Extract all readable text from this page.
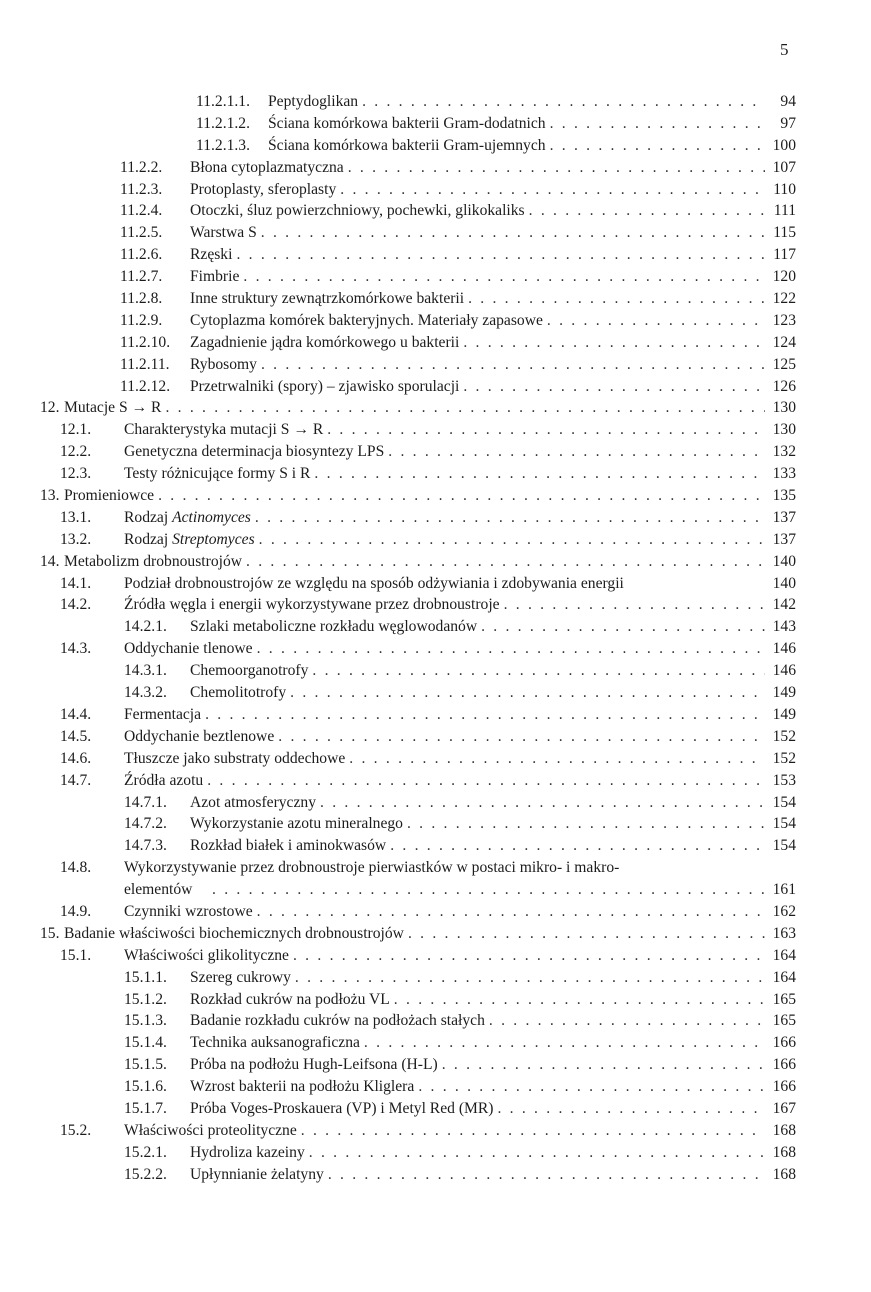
5
11.2.1.1. Peptydoglikan . . .	94
11.2.1.2. Ściana komórkowa bakterii Gram-dodatnich . . .	97
11.2.1.3. Ściana komórkowa bakterii Gram-ujemnych . . .	100
11.2.2. Błona cytoplazmatyczna . . .	107
11.2.3. Protoplasty, sferoplasty . . .	110
11.2.4. Otoczki, śluz powierzchniowy, pochewki, glikokaliks . . .	111
11.2.5. Warstwa S . . .	115
11.2.6. Rzęski . . .	117
11.2.7. Fimbrie . . .	120
11.2.8. Inne struktury zewnątrzkomórkowe bakterii . . .	122
11.2.9. Cytoplazma komórek bakteryjnych. Materiały zapasowe . . .	123
11.2.10. Zagadnienie jądra komórkowego u bakterii . . .	124
11.2.11. Rybosomy . . .	125
11.2.12. Przetrwalniki (spory) – zjawisko sporulacji . . .	126
12. Mutacje S → R . . .	130
12.1. Charakterystyka mutacji S → R . . .	130
12.2. Genetyczna determinacja biosyntezy LPS . . .	132
12.3. Testy różnicujące formy S i R . . .	133
13. Promieniowce . . .	135
13.1. Rodzaj Actinomyces . . .	137
13.2. Rodzaj Streptomyces . . .	137
14. Metabolizm drobnoustrojów . . .	140
14.1. Podział drobnoustrojów ze względu na sposób odżywiania i zdobywania energii	140
14.2. Źródła węgla i energii wykorzystywane przez drobnoustroje . . .	142
14.2.1. Szlaki metaboliczne rozkładu węglowodanów . . .	143
14.3. Oddychanie tlenowe . . .	146
14.3.1. Chemoorganotrofy . . .	146
14.3.2. Chemolitotrofy . . .	149
14.4. Fermentacja . . .	149
14.5. Oddychanie beztlenowe . . .	152
14.6. Tłuszcze jako substraty oddechowe . . .	152
14.7. Źródła azotu . . .	153
14.7.1. Azot atmosferyczny . . .	154
14.7.2. Wykorzystanie azotu mineralnego . . .	154
14.7.3. Rozkład białek i aminokwasów . . .	154
14.8. Wykorzystywanie przez drobnoustroje pierwiastków w postaci mikro- i makro-
elementów . . .	161
14.9. Czynniki wzrostowe . . .	162
15. Badanie właściwości biochemicznych drobnoustrojów . . .	163
15.1. Właściwości glikolityczne . . .	164
15.1.1. Szereg cukrowy . . .	164
15.1.2. Rozkład cukrów na podłożu VL . . .	165
15.1.3. Badanie rozkładu cukrów na podłożach stałych . . .	165
15.1.4. Technika auksanograficzna . . .	166
15.1.5. Próba na podłożu Hugh-Leifsona (H-L) . . .	166
15.1.6. Wzrost bakterii na podłożu Kliglera . . .	166
15.1.7. Próba Voges-Proskauera (VP) i Metyl Red (MR) . . .	167
15.2. Właściwości proteolityczne . . .	168
15.2.1. Hydroliza kazeiny . . .	168
15.2.2. Upłynnianie żelatyny . . .	168
